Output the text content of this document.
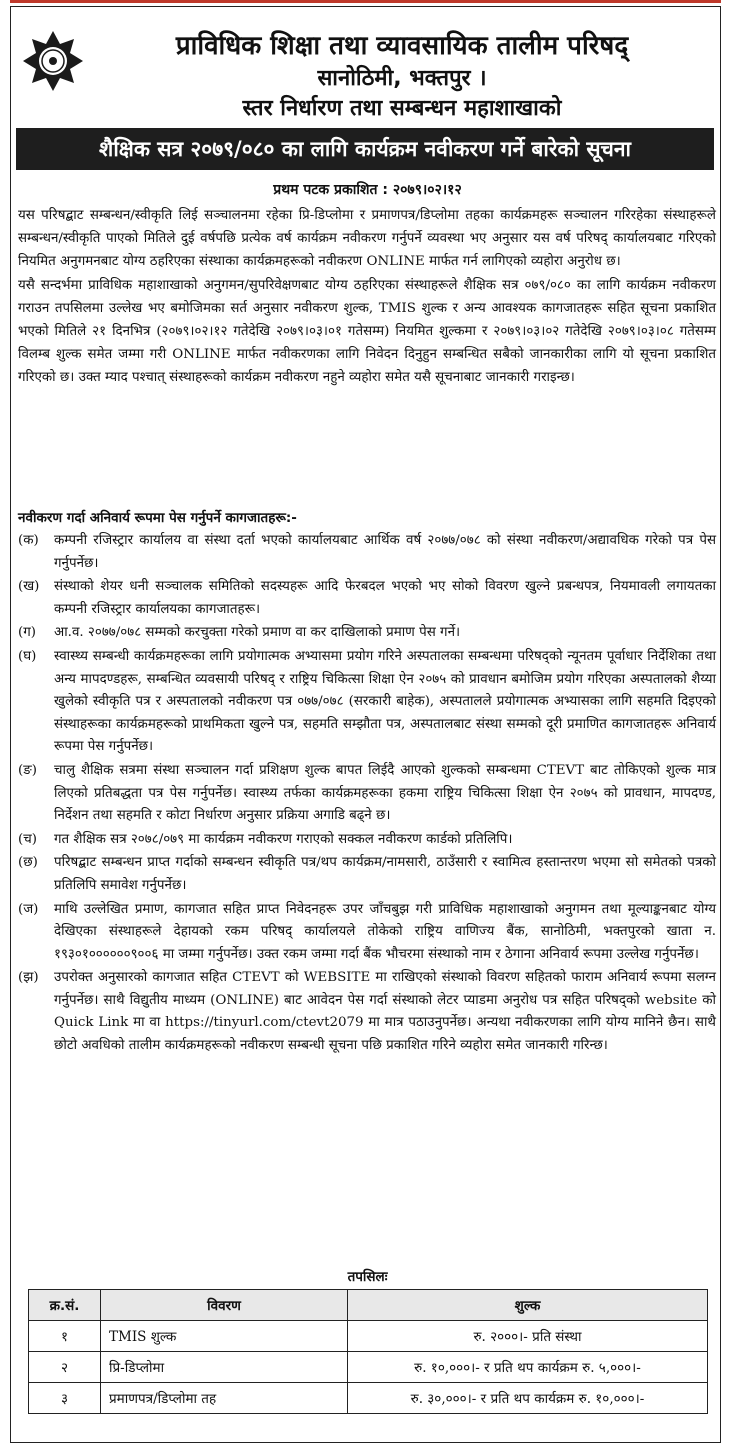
प्राविधिक शिक्षा तथा व्यावसायिक तालीम परिषद्
सानोठिमी, भक्तपुर ।
स्तर निर्धारण तथा सम्बन्धन महाशाखाको
शैक्षिक सत्र २०७९/०८० का लागि कार्यक्रम नवीकरण गर्ने बारेको सूचना
प्रथम पटक प्रकाशित : २०७९।०२।१२

यस परिषद्बाट सम्बन्धन/स्वीकृति लिई सञ्चालनमा रहेका प्रि-डिप्लोमा र प्रमाणपत्र/डिप्लोमा तहका कार्यक्रमहरू सञ्चालन गरिरहेका संस्थाहरूले सम्बन्धन/स्वीकृति पाएको मितिले दुई वर्षपछि प्रत्येक वर्ष कार्यक्रम नवीकरण गर्नुपर्ने व्यवस्था भए अनुसार यस वर्ष परिषद् कार्यालयबाट गरिएको नियमित अनुगमनबाट योग्य ठहरिएका संस्थाका कार्यक्रमहरूको नवीकरण ONLINE मार्फत गर्न लागिएको व्यहोरा अनुरोध छ।

यसै सन्दर्भमा प्राविधिक महाशाखाको अनुगमन/सुपरिवेक्षणबाट योग्य ठहरिएका संस्थाहरूले शैक्षिक सत्र ०७९/०८० का लागि कार्यक्रम नवीकरण गराउन तपसिलमा उल्लेख भए बमोजिमका सर्त अनुसार नवीकरण शुल्क, TMIS शुल्क र अन्य आवश्यक कागजातहरू सहित सूचना प्रकाशित भएको मितिले २१ दिनभित्र (२०७९।०२।१२ गतेदेखि २०७९।०३।०१ गतेसम्म) नियमित शुल्कमा र २०७९।०३।०२ गतेदेखि २०७९।०३।०८ गतेसम्म विलम्ब शुल्क समेत जम्मा गरी ONLINE मार्फत नवीकरणका लागि निवेदन दिनुहुन सम्बन्धित सबैको जानकारीका लागि यो सूचना प्रकाशित गरिएको छ। उक्त म्याद पश्चात् संस्थाहरूको कार्यक्रम नवीकरण नहुने व्यहोरा समेत यसै सूचनाबाट जानकारी गराइन्छ।

नवीकरण गर्दा अनिवार्य रूपमा पेस गर्नुपर्ने कागजातहरू:-
(क)	कम्पनी रजिस्ट्रार कार्यालय वा संस्था दर्ता भएको कार्यालयबाट आर्थिक वर्ष २०७७/०७८ को संस्था नवीकरण/अद्यावधिक गरेको पत्र पेस गर्नुपर्नेछ।
(ख)	संस्थाको शेयर धनी सञ्चालक समितिको सदस्यहरू आदि फेरबदल भएको भए सोको विवरण खुल्ने प्रबन्धपत्र, नियमावली लगायतका कम्पनी रजिस्ट्रार कार्यालयका कागजातहरू।
(ग)	आ.व. २०७७/०७८ सम्मको करचुक्ता गरेको प्रमाण वा कर दाखिलाको प्रमाण पेस गर्ने।
(घ)	स्वास्थ्य सम्बन्धी कार्यक्रमहरूका लागि प्रयोगात्मक अभ्यासमा प्रयोग गरिने अस्पतालका सम्बन्धमा परिषद्को न्यूनतम पूर्वाधार निर्देशिका तथा अन्य मापदण्डहरू, सम्बन्धित व्यवसायी परिषद् र राष्ट्रिय चिकित्सा शिक्षा ऐन २०७५ को प्रावधान बमोजिम प्रयोग गरिएका अस्पतालको शैय्या खुलेको स्वीकृति पत्र र अस्पतालको नवीकरण पत्र ०७७/०७८ (सरकारी बाहेक), अस्पतालले प्रयोगात्मक अभ्यासका लागि सहमति दिइएको संस्थाहरूका कार्यक्रमहरूको प्राथमिकता खुल्ने पत्र, सहमति सम्झौता पत्र, अस्पतालबाट संस्था सम्मको दूरी प्रमाणित कागजातहरू अनिवार्य रूपमा पेस गर्नुपर्नेछ।
(ङ)	चालु शैक्षिक सत्रमा संस्था सञ्चालन गर्दा प्रशिक्षण शुल्क बापत लिईदै आएको शुल्कको सम्बन्धमा CTEVT बाट तोकिएको शुल्क मात्र लिएको प्रतिबद्धता पत्र पेस गर्नुपर्नेछ। स्वास्थ्य तर्फका कार्यक्रमहरूका हकमा राष्ट्रिय चिकित्सा शिक्षा ऐन २०७५ को प्रावधान, मापदण्ड, निर्देशन तथा सहमति र कोटा निर्धारण अनुसार प्रक्रिया अगाडि बढ्ने छ।
(च)	गत शैक्षिक सत्र २०७८/०७९ मा कार्यक्रम नवीकरण गराएको सक्कल नवीकरण कार्डको प्रतिलिपि।
(छ)	परिषद्बाट सम्बन्धन प्राप्त गर्दाको सम्बन्धन स्वीकृति पत्र/थप कार्यक्रम/नामसारी, ठाउँसारी र स्वामित्व हस्तान्तरण भएमा सो समेतको पत्रको प्रतिलिपि समावेश गर्नुपर्नेछ।
(ज)	माथि उल्लेखित प्रमाण, कागजात सहित प्राप्त निवेदनहरू उपर जाँचबुझ गरी प्राविधिक महाशाखाको अनुगमन तथा मूल्याङ्कनबाट योग्य देखिएका संस्थाहरूले देहायको रकम परिषद् कार्यालयले तोकेको राष्ट्रिय वाणिज्य बैंक, सानोठिमी, भक्तपुरको खाता न. १९३०१००००००९००६ मा जम्मा गर्नुपर्नेछ। उक्त रकम जम्मा गर्दा बैंक भौचरमा संस्थाको नाम र ठेगाना अनिवार्य रूपमा उल्लेख गर्नुपर्नेछ।
(झ)	उपरोक्त अनुसारको कागजात सहित CTEVT को WEBSITE मा राखिएको संस्थाको विवरण सहितको फाराम अनिवार्य रूपमा सलग्न गर्नुपर्नेछ। साथै विद्युतीय माध्यम (ONLINE) बाट आवेदन पेस गर्दा संस्थाको लेटर प्याडमा अनुरोध पत्र सहित परिषद्को website को Quick Link मा वा https://tinyurl.com/ctevt2079 मा मात्र पठाउनुपर्नेछ। अन्यथा नवीकरणका लागि योग्य मानिने छैन। साथै छोटो अवधिको तालीम कार्यक्रमहरूको नवीकरण सम्बन्धी सूचना पछि प्रकाशित गरिने व्यहोरा समेत जानकारी गरिन्छ।
तपसिलः
क्र.सं.	विवरण	शुल्क
१	TMIS शुल्क	रु. २०००।- प्रति संस्था
२	प्रि-डिप्लोमा	रु. १०,०००।- र प्रति थप कार्यक्रम रु. ५,०००।-
३	प्रमाणपत्र/डिप्लोमा तह	रु. ३०,०००।- र प्रति थप कार्यक्रम रु. १०,०००।-
